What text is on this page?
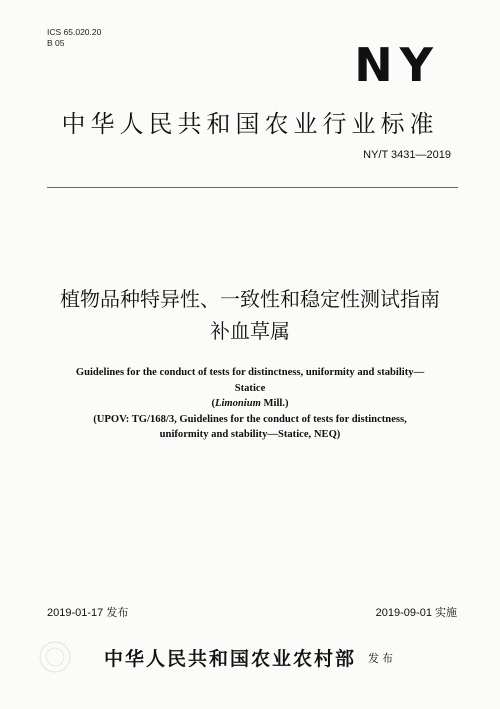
ICS 65.020.20
B 05	NY
中华人民共和国农业行业标准
NY/T 3431—2019
植物品种特异性、一致性和稳定性测试指南
补血草属
Guidelines for the conduct of tests for distinctness, uniformity and stability—
Statice
(Limonium Mill.)
(UPOV: TG/168/3, Guidelines for the conduct of tests for distinctness,
uniformity and stability—Statice, NEQ)
2019-01-17 发布	2019-09-01 实施
中华人民共和国农业农村部 发布
